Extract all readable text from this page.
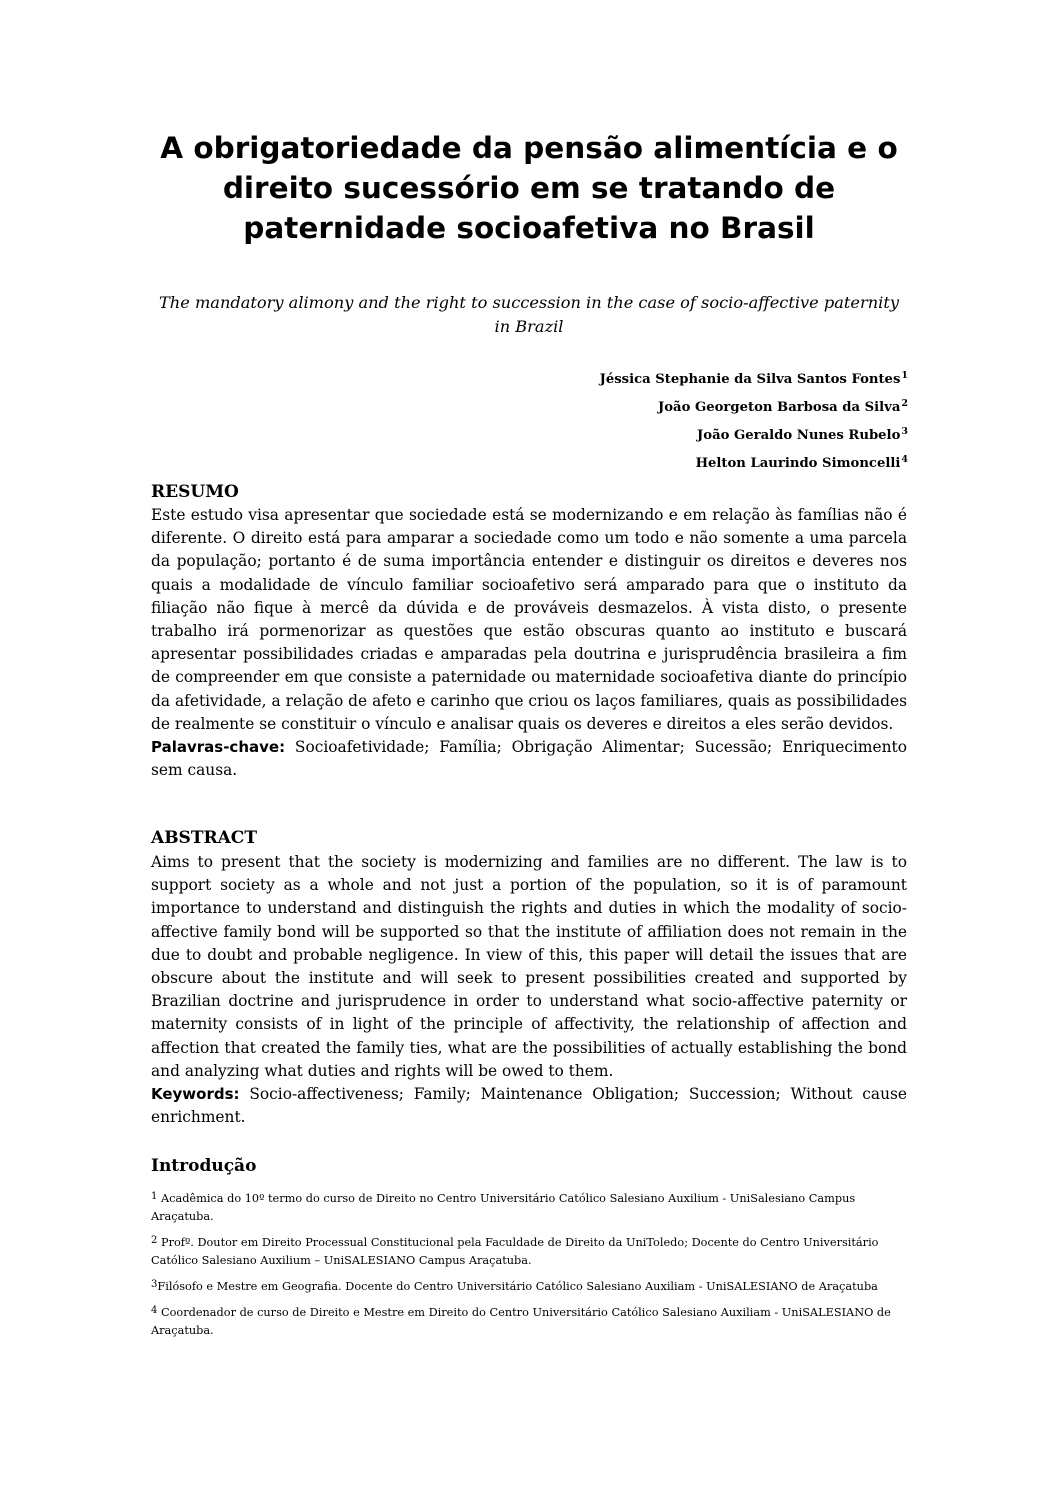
A obrigatoriedade da pensão alimentícia e o direito sucessório em se tratando de paternidade socioafetiva no Brasil

The mandatory alimony and the right to succession in the case of socio-affective paternity in Brazil

Jéssica Stephanie da Silva Santos Fontes$^1$
João Georgeton Barbosa da Silva$^2$
João Geraldo Nunes Rubelo$^3$
Helton Laurindo Simoncelli$^4$
RESUMO

Este estudo visa apresentar que sociedade está se modernizando e em relação às famílias não é diferente. O direito está para amparar a sociedade como um todo e não somente a uma parcela da população; portanto é de suma importância entender e distinguir os direitos e deveres nos quais a modalidade de vínculo familiar socioafetivo será amparado para que o instituto da filiação não fique à mercê da dúvida e de prováveis desmazelos. À vista disto, o presente trabalho irá pormenorizar as questões que estão obscuras quanto ao instituto e buscará apresentar possibilidades criadas e amparadas pela doutrina e jurisprudência brasileira a fim de compreender em que consiste a paternidade ou maternidade socioafetiva diante do princípio da afetividade, a relação de afeto e carinho que criou os laços familiares, quais as possibilidades de realmente se constituir o vínculo e analisar quais os deveres e direitos a eles serão devidos.
Palavras-chave: Socioafetividade; Família; Obrigação Alimentar; Sucessão; Enriquecimento sem causa.

ABSTRACT

Aims to present that the society is modernizing and families are no different. The law is to support society as a whole and not just a portion of the population, so it is of paramount importance to understand and distinguish the rights and duties in which the modality of socio-affective family bond will be supported so that the institute of affiliation does not remain in the due to doubt and probable negligence. In view of this, this paper will detail the issues that are obscure about the institute and will seek to present possibilities created and supported by Brazilian doctrine and jurisprudence in order to understand what socio-affective paternity or maternity consists of in light of the principle of affectivity, the relationship of affection and affection that created the family ties, what are the possibilities of actually establishing the bond and analyzing what duties and rights will be owed to them.
Keywords: Socio-affectiveness; Family; Maintenance Obligation; Succession; Without cause enrichment.

Introdução

1 Acadêmica do 10º termo do curso de Direito no Centro Universitário Católico Salesiano Auxilium - UniSalesiano Campus Araçatuba.

2 Profº. Doutor em Direito Processual Constitucional pela Faculdade de Direito da UniToledo; Docente do Centro Universitário Católico Salesiano Auxilium – UniSALESIANO Campus Araçatuba.

3Filósofo e Mestre em Geografia. Docente do Centro Universitário Católico Salesiano Auxiliam - UniSALESIANO de Araçatuba

4 Coordenador de curso de Direito e Mestre em Direito do Centro Universitário Católico Salesiano Auxiliam - UniSALESIANO de Araçatuba.
